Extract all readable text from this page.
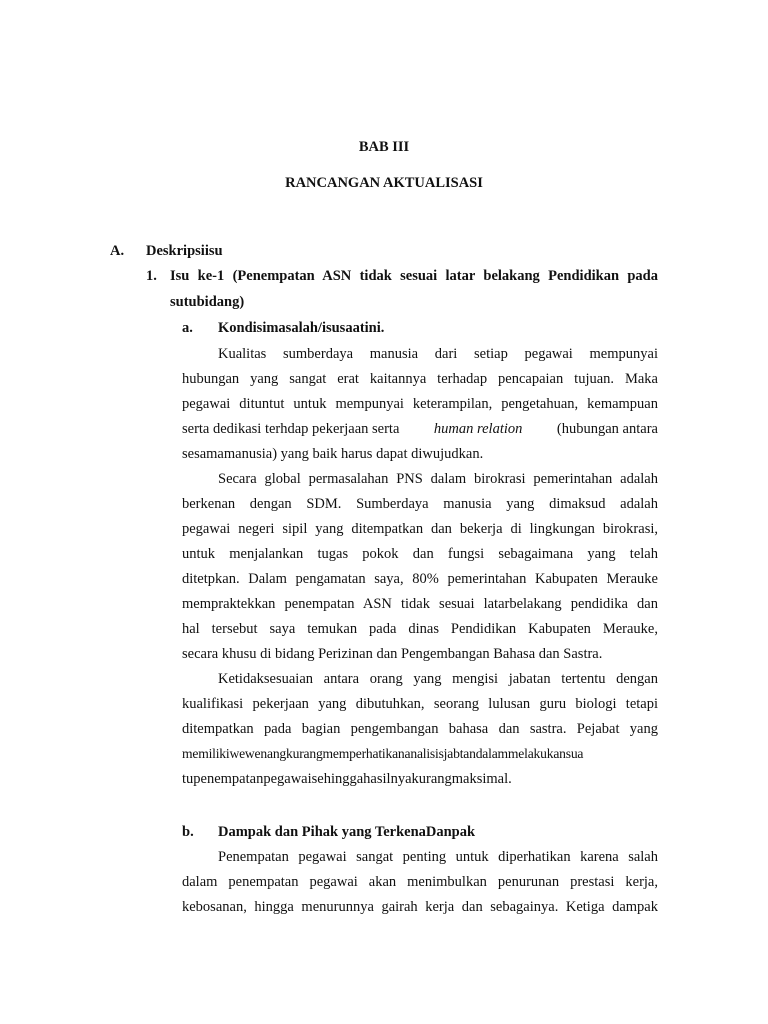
BAB III
RANCANGAN AKTUALISASI
A. Deskripsiisu
1. Isu ke-1 (Penempatan ASN tidak sesuai latar belakang Pendidikan pada
sutubidang)
a. Kondisimasalah/isusaatini.
Kualitas sumberdaya manusia dari setiap pegawai mempunyai
hubungan yang sangat erat kaitannya terhadap pencapaian tujuan. Maka
pegawai dituntut untuk mempunyai keterampilan, pengetahuan, kemampuan
serta dedikasi terhdap pekerjaan serta human relation (hubungan antara
sesamamanusia) yang baik harus dapat diwujudkan.
Secara global permasalahan PNS dalam birokrasi pemerintahan adalah
berkenan dengan SDM. Sumberdaya manusia yang dimaksud adalah
pegawai negeri sipil yang ditempatkan dan bekerja di lingkungan birokrasi,
untuk menjalankan tugas pokok dan fungsi sebagaimana yang telah
ditetpkan. Dalam pengamatan saya, 80% pemerintahan Kabupaten Merauke
mempraktekkan penempatan ASN tidak sesuai latarbelakang pendidika dan
hal tersebut saya temukan pada dinas Pendidikan Kabupaten Merauke,
secara khusu di bidang Perizinan dan Pengembangan Bahasa dan Sastra.
Ketidaksesuaian antara orang yang mengisi jabatan tertentu dengan
kualifikasi pekerjaan yang dibutuhkan, seorang lulusan guru biologi tetapi
ditempatkan pada bagian pengembangan bahasa dan sastra. Pejabat yang
memilikiwewenangkurangmemperhatikananalisisjabtandalammelakukansua
tupenempatanpegawaisehinggahasilnyakurangmaksimal.
b. Dampak dan Pihak yang TerkenaDanpak
Penempatan pegawai sangat penting untuk diperhatikan karena salah
dalam penempatan pegawai akan menimbulkan penurunan prestasi kerja,
kebosanan, hingga menurunnya gairah kerja dan sebagainya. Ketiga dampak
